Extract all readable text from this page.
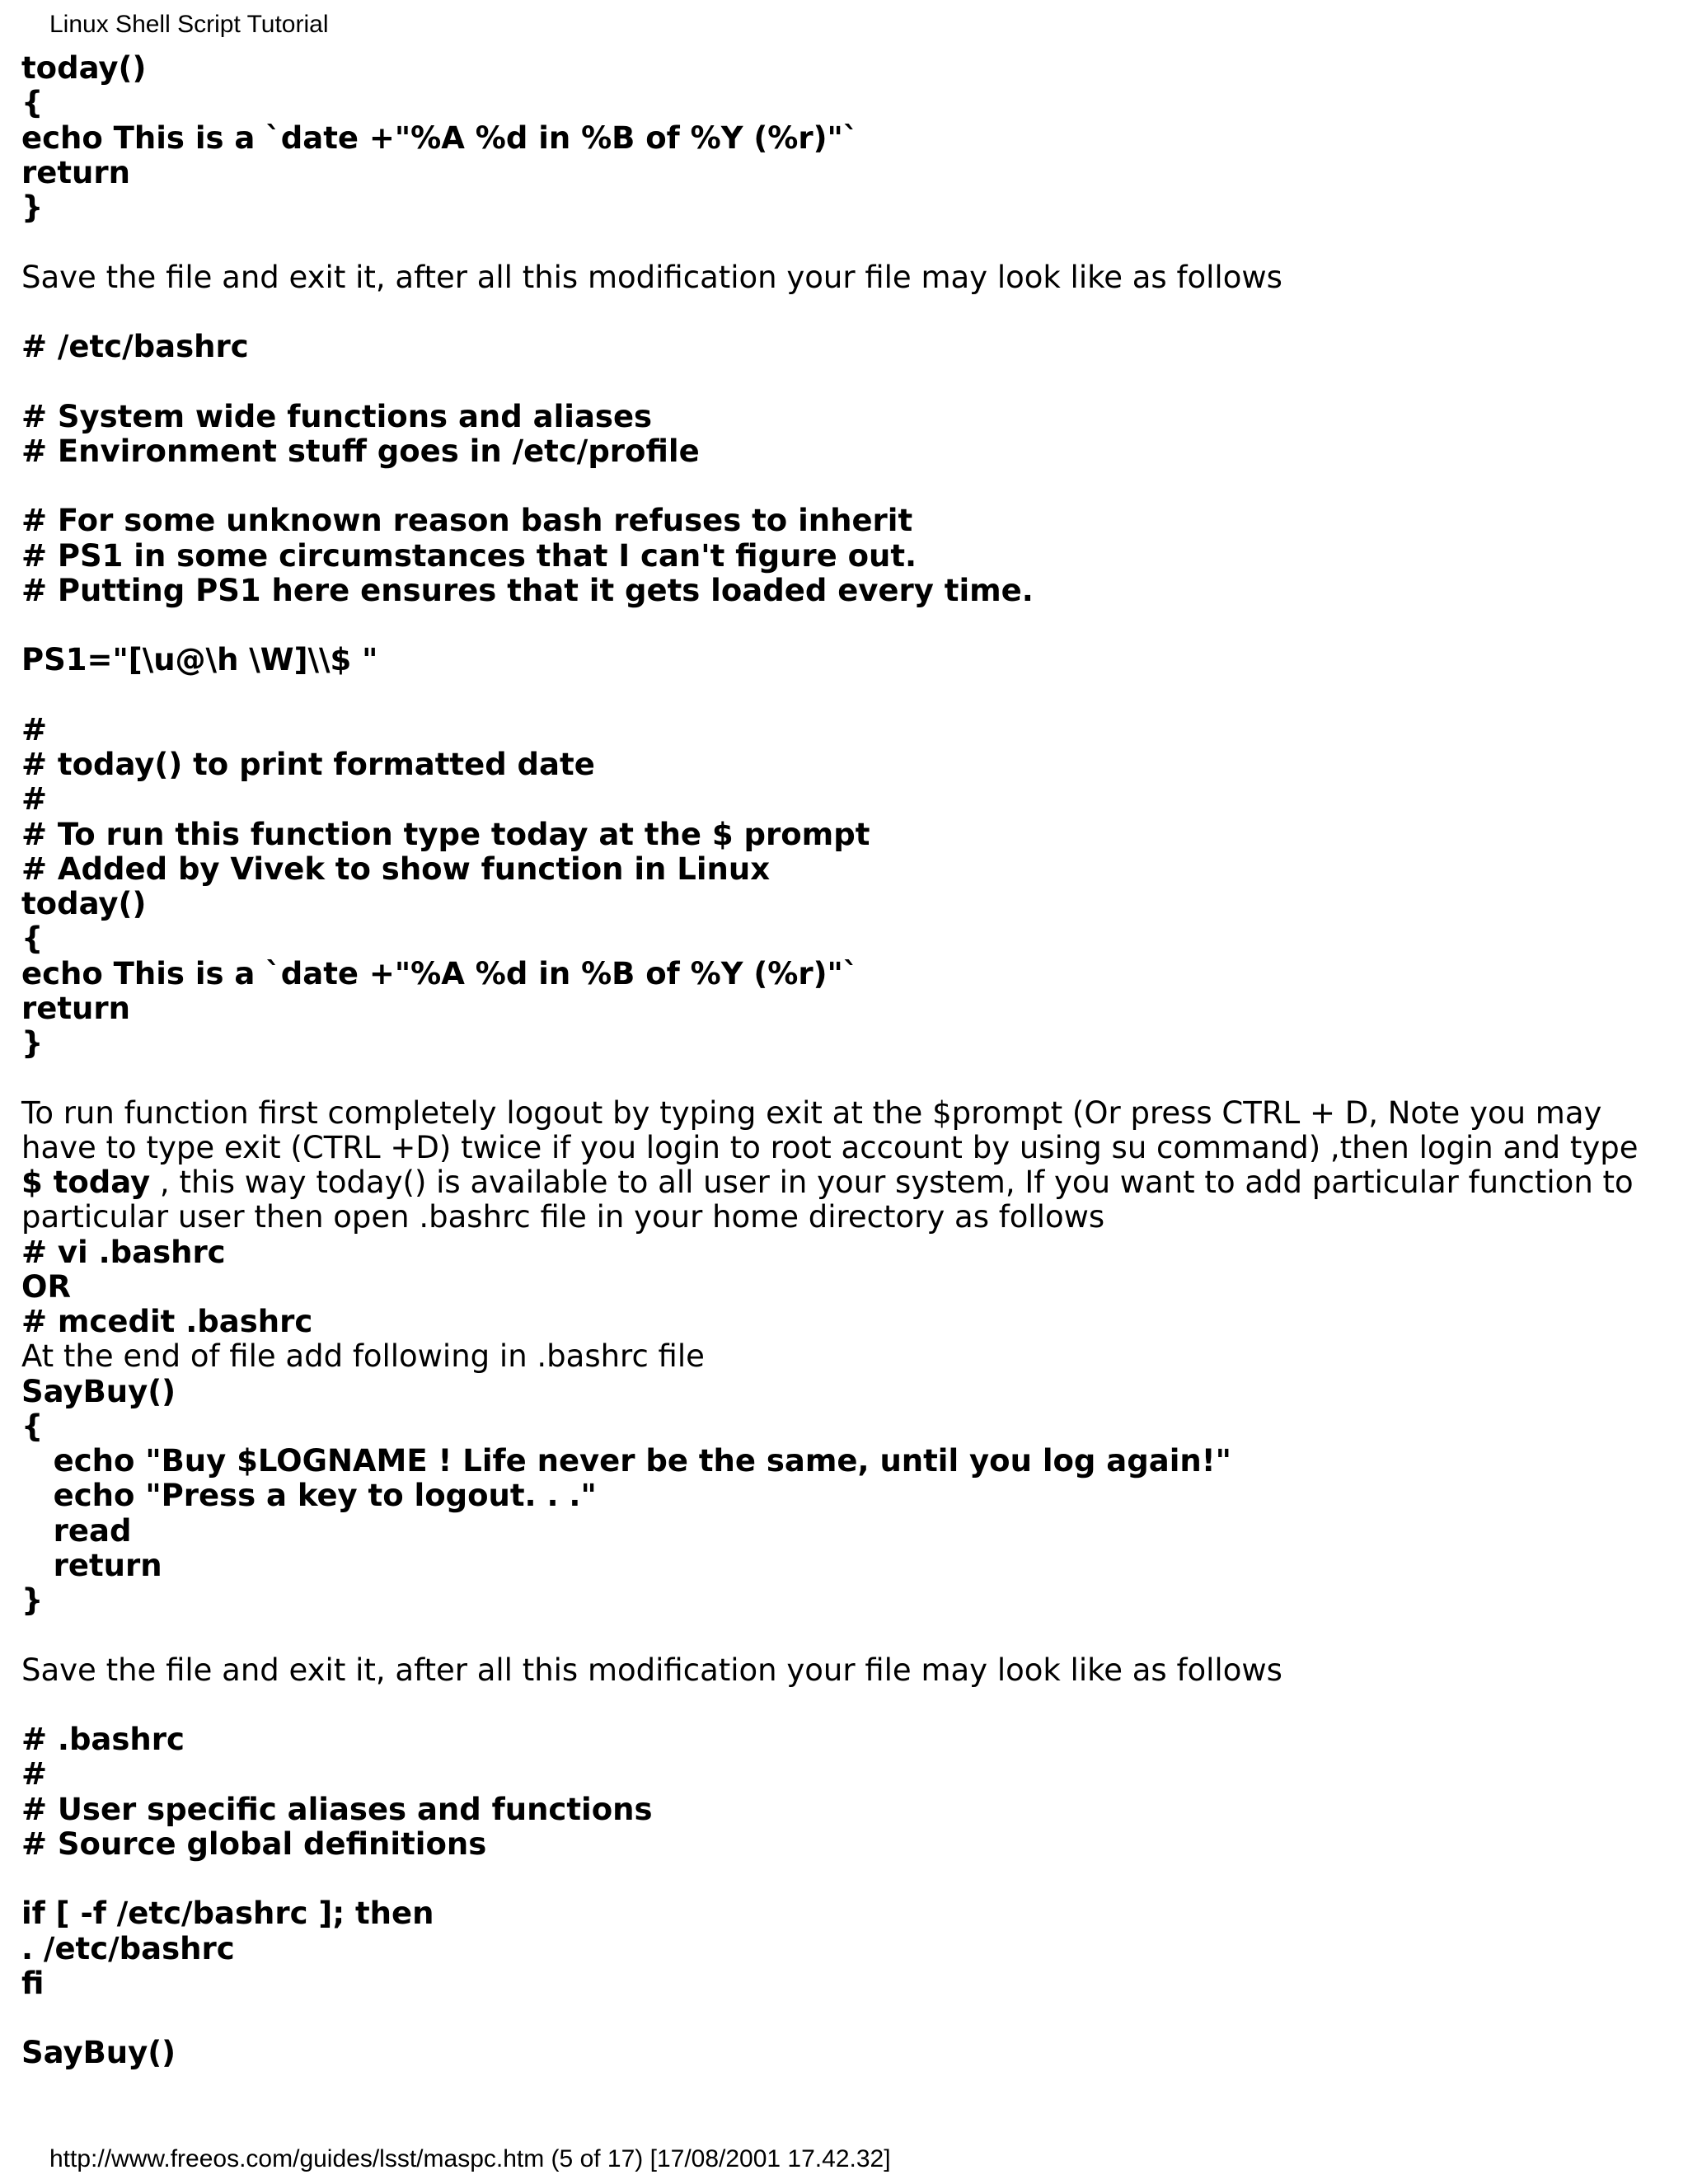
Linux Shell Script Tutorial
today()
{
echo This is a `date +"%A %d in %B of %Y (%r)"`
return
}
Save the file and exit it, after all this modification your file may look like as follows
# /etc/bashrc
# System wide functions and aliases
# Environment stuff goes in /etc/profile
# For some unknown reason bash refuses to inherit
# PS1 in some circumstances that I can't figure out.
# Putting PS1 here ensures that it gets loaded every time.
PS1="[\u@\h \W]\\$ "
#
# today() to print formatted date
#
# To run this function type today at the $ prompt
# Added by Vivek to show function in Linux
today()
{
echo This is a `date +"%A %d in %B of %Y (%r)"`
return
}
To run function first completely logout by typing exit at the $prompt (Or press CTRL + D, Note you may have to type exit (CTRL +D) twice if you login to root account by using su command) ,then login and type $ today , this way today() is available to all user in your system, If you want to add particular function to particular user then open .bashrc file in your home directory as follows
# vi .bashrc
OR
# mcedit .bashrc
At the end of file add following in .bashrc file
SayBuy()
{
echo "Buy $LOGNAME ! Life never be the same, until you log again!"
echo "Press a key to logout. . ."
read
return
}
Save the file and exit it, after all this modification your file may look like as follows
# .bashrc
#
# User specific aliases and functions
# Source global definitions
if [ -f /etc/bashrc ]; then
. /etc/bashrc
fi
SayBuy()
http://www.freeos.com/guides/lsst/maspc.htm (5 of 17) [17/08/2001 17.42.32]
